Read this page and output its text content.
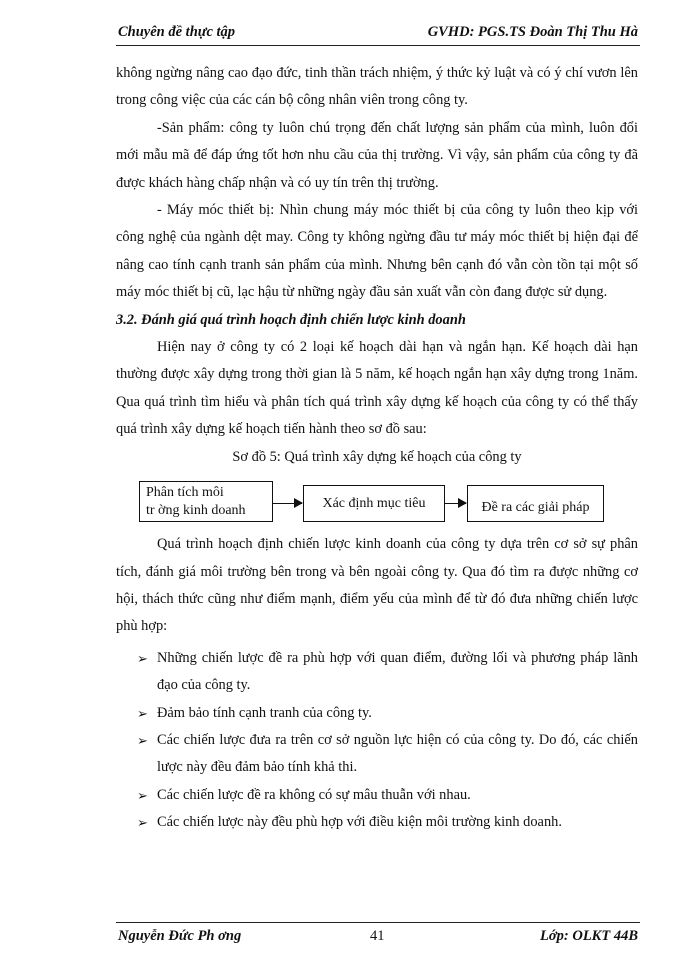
Chuyên đề thực tập	GVHD: PGS.TS Đoàn Thị Thu Hà

không ngừng nâng cao đạo đức, tinh thần trách nhiệm, ý thức kỷ luật và có ý chí vươn lên trong công việc của các cán bộ công nhân viên trong công ty.

-Sản phẩm: công ty luôn chú trọng đến chất lượng sản phẩm của mình, luôn đổi mới mẫu mã để đáp ứng tốt hơn nhu cầu của thị trường. Vì vậy, sản phẩm của công ty đã được khách hàng chấp nhận và có uy tín trên thị trường.

- Máy móc thiết bị: Nhìn chung máy móc thiết bị của công ty luôn theo kịp với công nghệ của ngành dệt may. Công ty không ngừng đầu tư máy móc thiết bị hiện đại để nâng cao tính cạnh tranh sản phẩm của mình. Nhưng bên cạnh đó vẫn còn tồn tại một số máy móc thiết bị cũ, lạc hậu từ những ngày đầu sản xuất vẫn còn đang được sử dụng.

3.2. Đánh giá quá trình hoạch định chiến lược kinh doanh

Hiện nay ở công ty có 2 loại kế hoạch dài hạn và ngắn hạn. Kế hoạch dài hạn thường được xây dựng trong thời gian là 5 năm, kế hoạch ngắn hạn xây dựng trong 1năm. Qua quá trình tìm hiểu và phân tích quá trình xây dựng kế hoạch của công ty có thể thấy quá trình xây dựng kế hoạch tiến hành theo sơ đồ sau:

Sơ đồ 5: Quá trình xây dựng kế hoạch của công ty

Phân tích môi
tr ờng kinh doanh	Xác định mục tiêu	Đề ra các giải pháp

Quá trình hoạch định chiến lược kinh doanh của công ty dựa trên cơ sở sự phân tích, đánh giá môi trường bên trong và bên ngoài công ty. Qua đó tìm ra được những cơ hội, thách thức cũng như điểm mạnh, điểm yếu của mình để từ đó đưa những chiến lược phù hợp:

➢ Những chiến lược đề ra phù hợp với quan điểm, đường lối và phương pháp lãnh đạo của công ty.
➢ Đảm bảo tính cạnh tranh của công ty.
➢ Các chiến lược đưa ra trên cơ sở nguồn lực hiện có của công ty. Do đó, các chiến lược này đều đảm bảo tính khả thi.
➢ Các chiến lược đề ra không có sự mâu thuẫn với nhau.
➢ Các chiến lược này đều phù hợp với điều kiện môi trường kinh doanh.
Nguyễn Đức Ph ơng	41	Lớp: OLKT 44B
